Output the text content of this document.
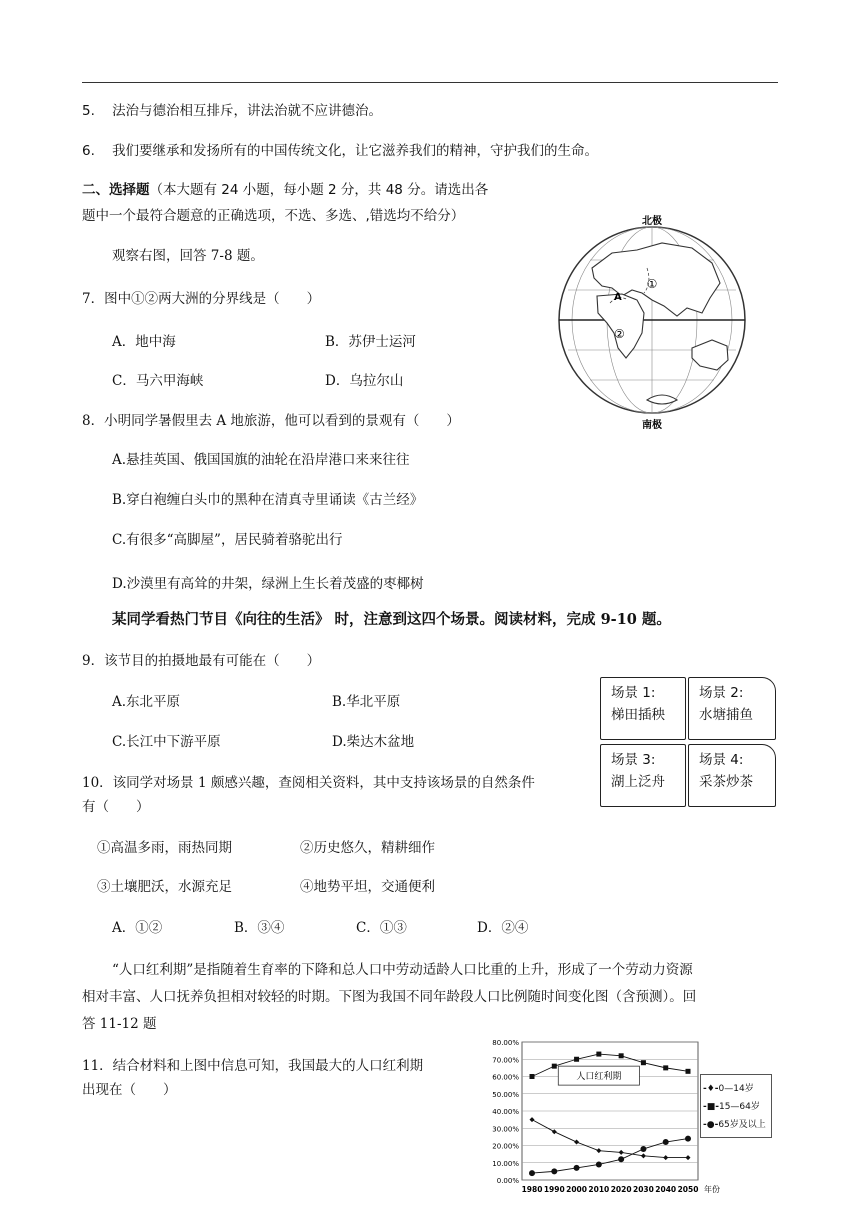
5. 法治与德治相互排斥，讲法治就不应讲德治。
6. 我们要继承和发扬所有的中国传统文化，让它滋养我们的精神，守护我们的生命。
二、选择题（本大题有 24 小题，每小题 2 分，共 48 分。请选出各
题中一个最符合题意的正确选项，不选、多选、,错选均不给分）	北极
①
②
A
南极
观察右图，回答 7-8 题。
7．图中①②两大洲的分界线是（　　）
A．地中海	B．苏伊士运河
C．马六甲海峡	D．乌拉尔山
8．小明同学暑假里去 A 地旅游，他可以看到的景观有（　　）
A.悬挂英国、俄国国旗的油轮在沿岸港口来来往往
B.穿白袍缠白头巾的黑种在清真寺里诵读《古兰经》
C.有很多“高脚屋”，居民骑着骆驼出行
D.沙漠里有高耸的井架，绿洲上生长着茂盛的枣椰树
某同学看热门节目《向往的生活》 时，注意到这四个场景。阅读材料，完成 9-10 题。
场景 1:
梯田插秧
场景 2:
水塘捕鱼
场景 3:
湖上泛舟
场景 4:
采茶炒茶
9．该节目的拍摄地最有可能在（　　）
A.东北平原	B.华北平原
C.长江中下游平原	D.柴达木盆地
10．该同学对场景 1 颇感兴趣，查阅相关资料，其中支持该场景的自然条件
有（　　）
①高温多雨，雨热同期	②历史悠久，精耕细作
③土壤肥沃，水源充足	④地势平坦，交通便利
A．①②	B．③④	C．①③	D．②④
“人口红利期”是指随着生育率的下降和总人口中劳动适龄人口比重的上升，形成了一个劳动力资源
相对丰富、人口抚养负担相对较轻的时期。下图为我国不同年龄段人口比例随时间变化图（含预测）。回
答 11-12 题
11．结合材料和上图中信息可知，我国最大的人口红利期
出现在（　　）
0.00%
10.00%
20.00%
30.00%
40.00%
50.00%
60.00%
70.00%
80.00%
1980 1990 2000 2010 2020 2030 2040 2050
人口红利期
年份
-♦-0—14岁
-■-15—64岁
-●-65岁及以上
